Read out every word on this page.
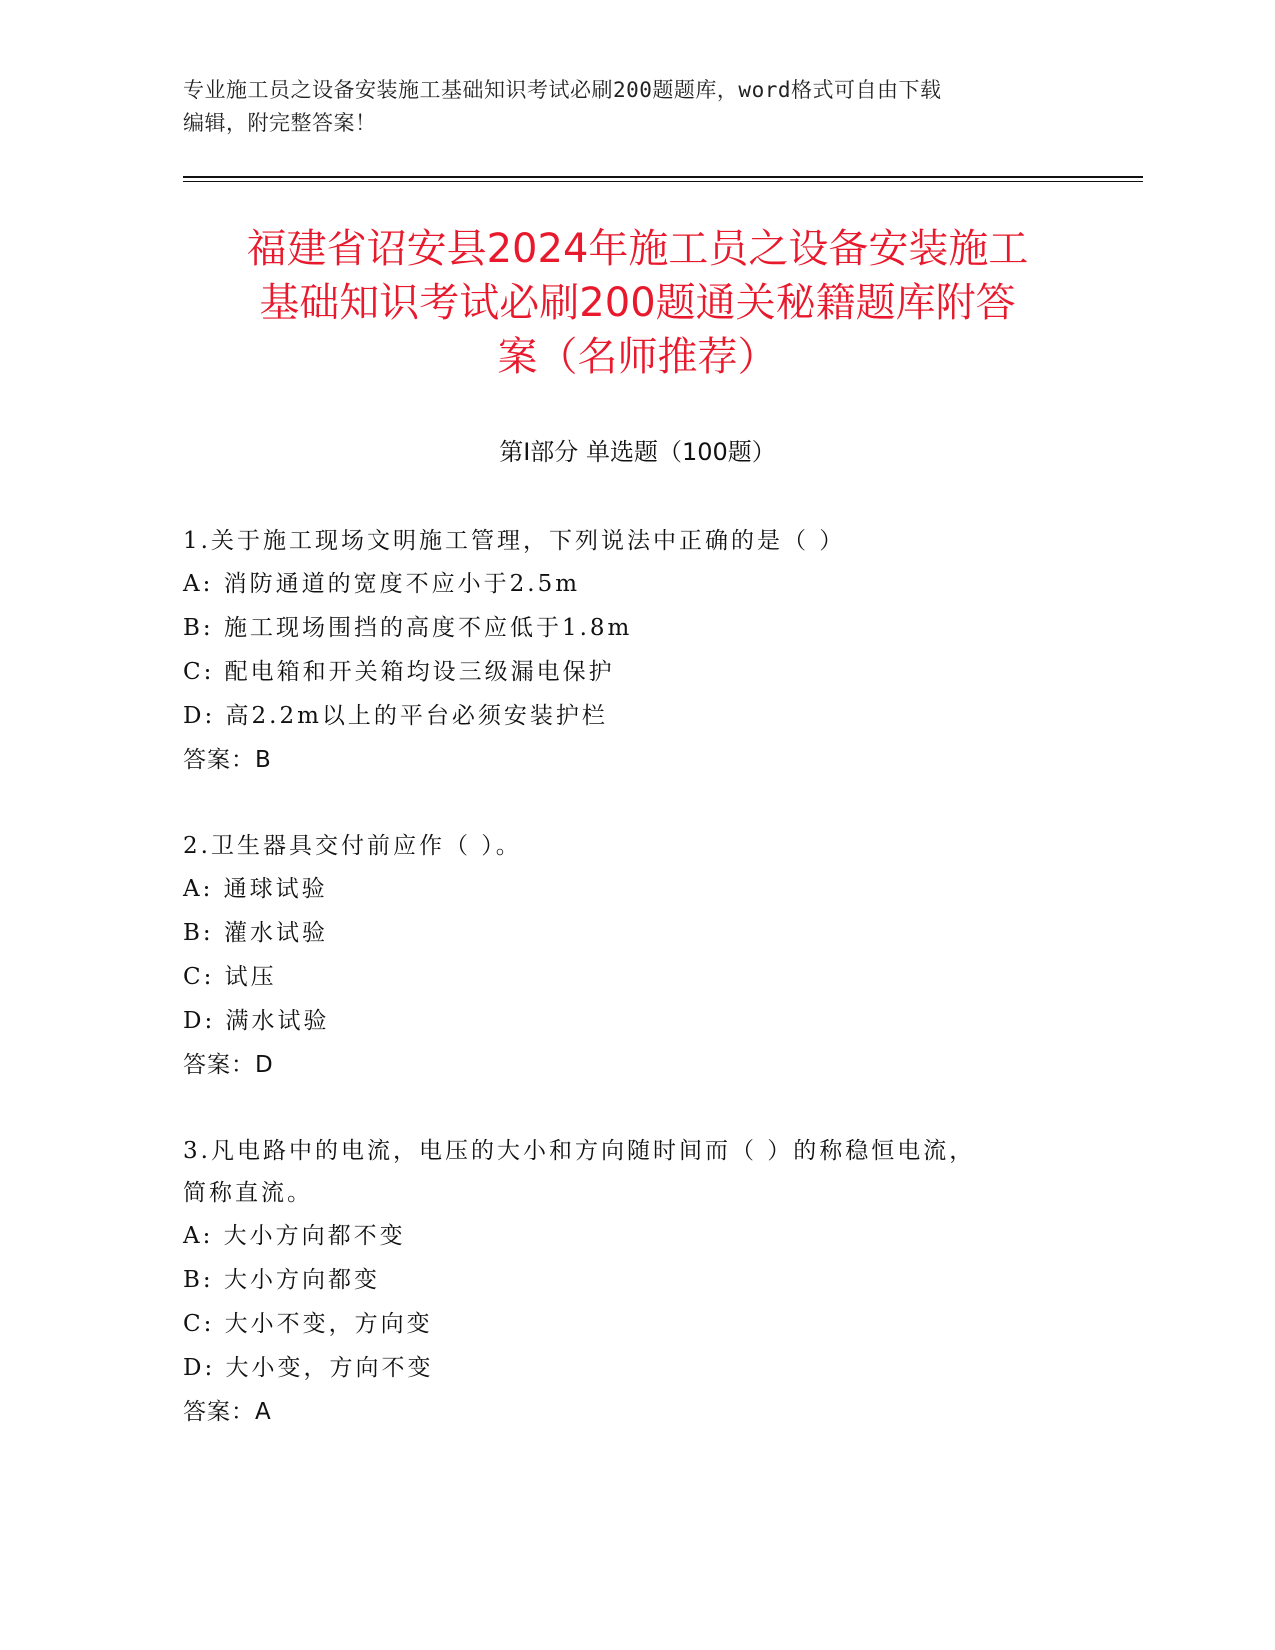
专业施工员之设备安装施工基础知识考试必刷200题题库，word格式可自由下载
编辑，附完整答案！
福建省诏安县2024年施工员之设备安装施工
基础知识考试必刷200题通关秘籍题库附答
案（名师推荐）
第Ⅰ部分 单选题（100题）
1.关于施工现场文明施工管理，下列说法中正确的是（ ）
A: 消防通道的宽度不应小于2.5m
B: 施工现场围挡的高度不应低于1.8m
C: 配电箱和开关箱均设三级漏电保护
D: 高2.2m以上的平台必须安装护栏
答案：B
2.卫生器具交付前应作（ ）。
A: 通球试验
B: 灌水试验
C: 试压
D: 满水试验
答案：D
3.凡电路中的电流，电压的大小和方向随时间而（ ）的称稳恒电流，
简称直流。
A: 大小方向都不变
B: 大小方向都变
C: 大小不变，方向变
D: 大小变，方向不变
答案：A
